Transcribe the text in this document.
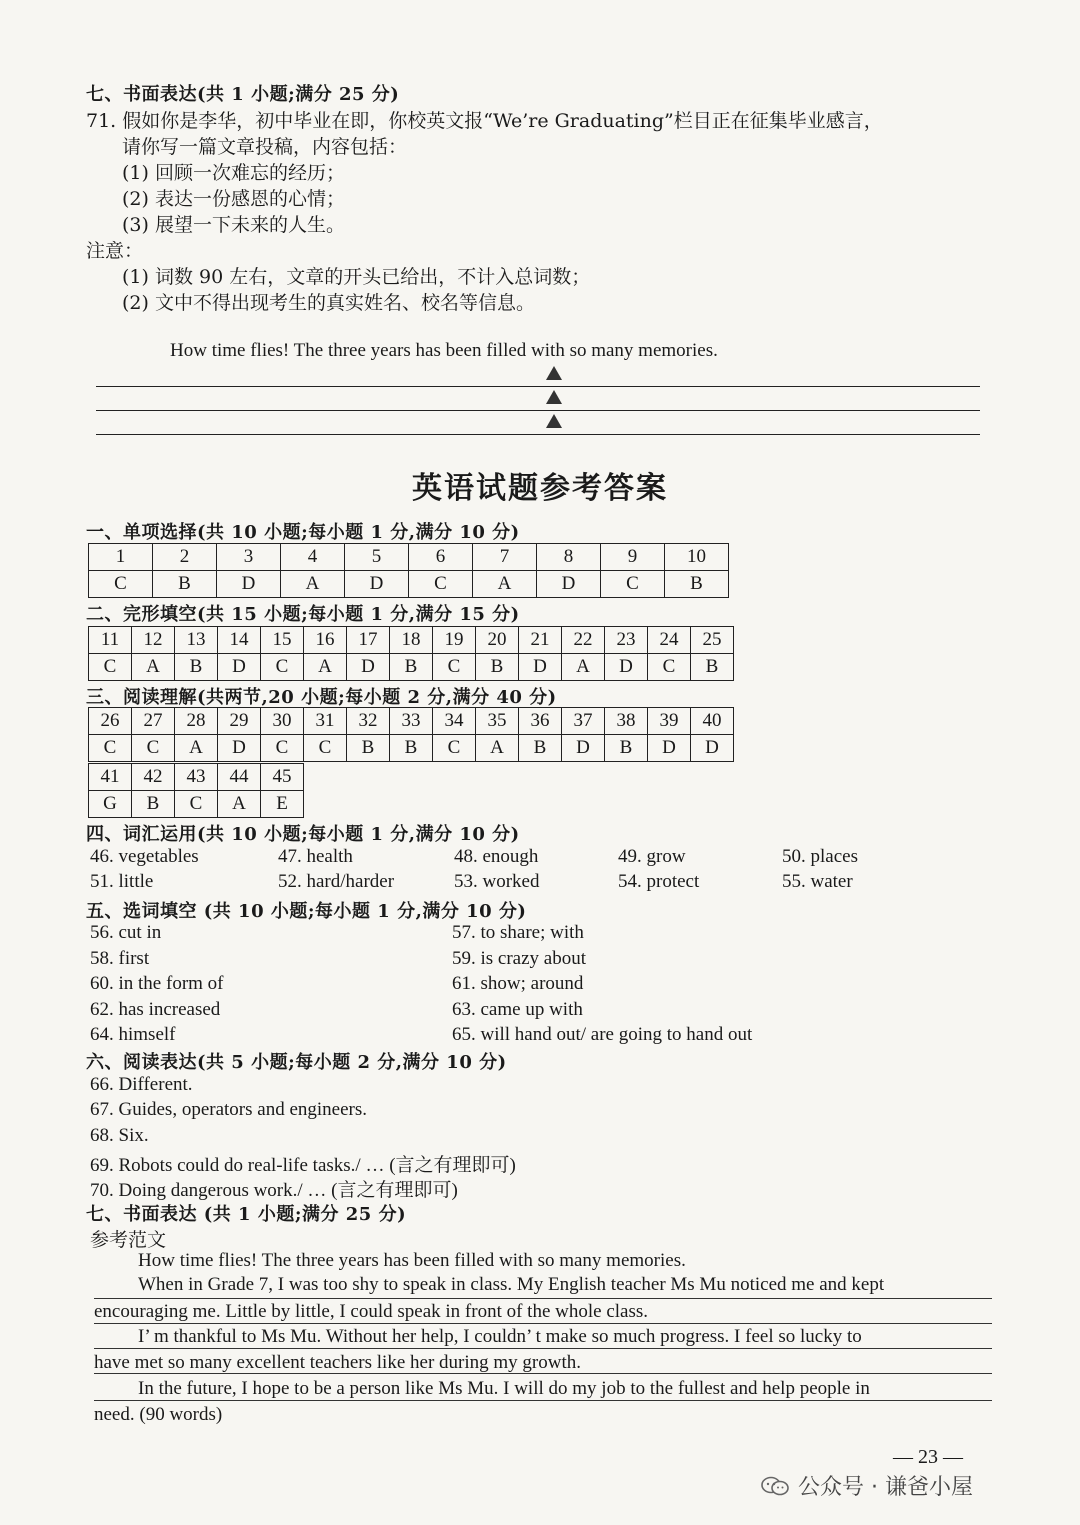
七、书面表达(共 1 小题;满分 25 分)
71. 假如你是李华，初中毕业在即，你校英文报“We’re Graduating”栏目正在征集毕业感言，
请你写一篇文章投稿，内容包括：
(1) 回顾一次难忘的经历；
(2) 表达一份感恩的心情；
(3) 展望一下未来的人生。
注意：
(1) 词数 90 左右，文章的开头已给出，不计入总词数；
(2) 文中不得出现考生的真实姓名、校名等信息。
How time flies! The three years has been filled with so many memories.
英语试题参考答案
一、单项选择(共 10 小题;每小题 1 分,满分 10 分)
1	2	3	4	5	6	7	8	9	10
C	B	D	A	D	C	A	D	C	B
二、完形填空(共 15 小题;每小题 1 分,满分 15 分)
11	12	13	14	15	16	17	18	19	20	21	22	23	24	25
C	A	B	D	C	A	D	B	C	B	D	A	D	C	B
三、阅读理解(共两节,20 小题;每小题 2 分,满分 40 分)
26	27	28	29	30	31	32	33	34	35	36	37	38	39	40
C	C	A	D	C	C	B	B	C	A	B	D	B	D	D
41	42	43	44	45
G	B	C	A	E
四、词汇运用(共 10 小题;每小题 1 分,满分 10 分)
46. vegetables	47. health	48. enough	49. grow	50. places
51. little	52. hard/harder	53. worked	54. protect	55. water
五、选词填空 (共 10 小题;每小题 1 分,满分 10 分)
56. cut in	57. to share; with
58. first	59. is crazy about
60. in the form of	61. show; around
62. has increased	63. came up with
64. himself	65. will hand out/ are going to hand out
六、阅读表达(共 5 小题;每小题 2 分,满分 10 分)
66. Different.
67. Guides, operators and engineers.
68. Six.
69. Robots could do real-life tasks./ … (言之有理即可)
70. Doing dangerous work./ … (言之有理即可)
七、书面表达 (共 1 小题;满分 25 分)
参考范文
How time flies! The three years has been filled with so many memories.
When in Grade 7, I was too shy to speak in class. My English teacher Ms Mu noticed me and kept
encouraging me. Little by little, I could speak in front of the whole class.
I’ m thankful to Ms Mu. Without her help, I couldn’ t make so much progress. I feel so lucky to
have met so many excellent teachers like her during my growth.
In the future, I hope to be a person like Ms Mu. I will do my job to the fullest and help people in
need. (90 words)
— 23 —
公众号 · 谦爸小屋
